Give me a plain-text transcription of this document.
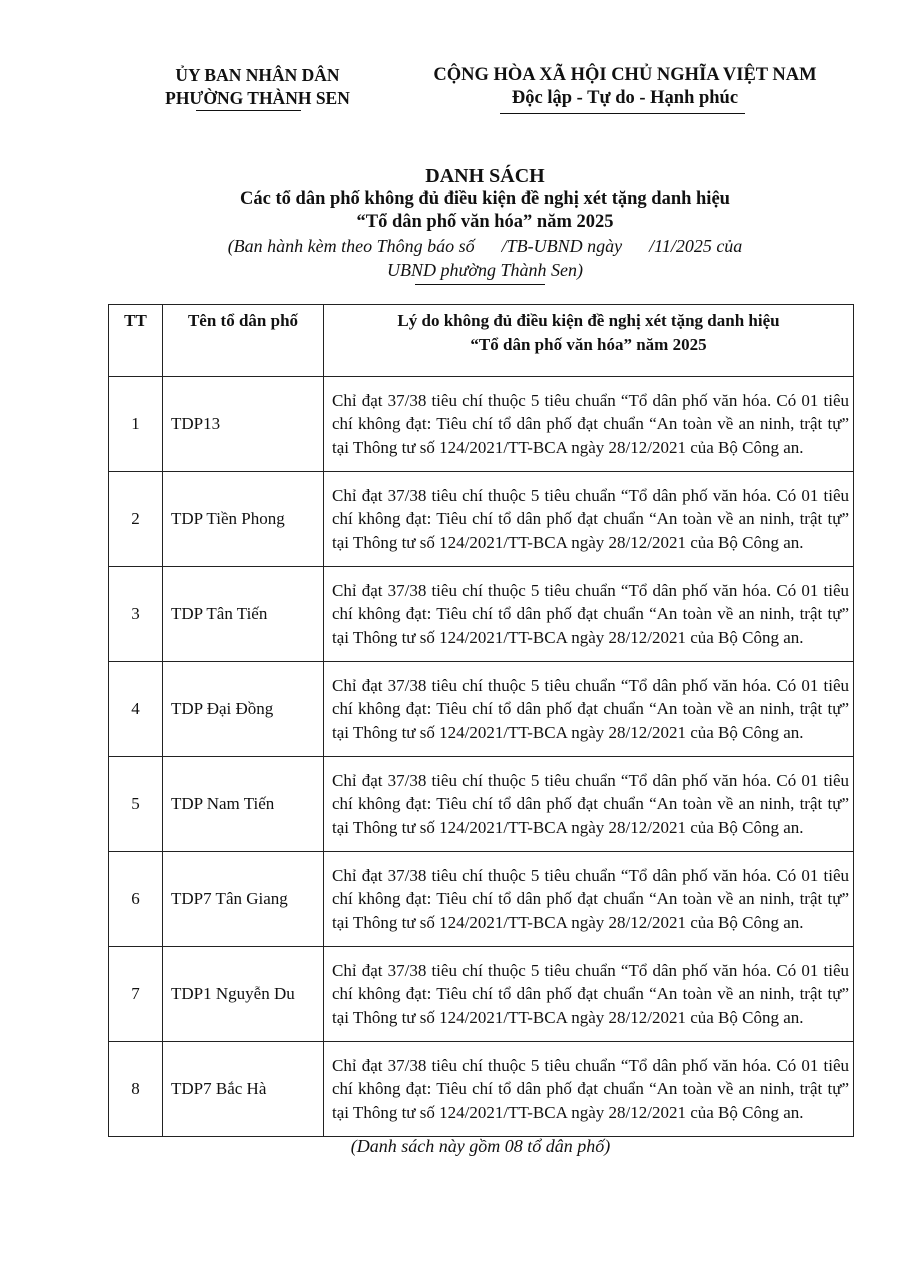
ỦY BAN NHÂN DÂN
PHƯỜNG THÀNH SEN
CỘNG HÒA XÃ HỘI CHỦ NGHĨA VIỆT NAM
Độc lập - Tự do - Hạnh phúc
DANH SÁCH
Các tổ dân phố không đủ điều kiện đề nghị xét tặng danh hiệu
“Tổ dân phố văn hóa” năm 2025
(Ban hành kèm theo Thông báo số      /TB-UBND ngày      /11/2025 của
UBND phường Thành Sen)
TT	Tên tổ dân phố	Lý do không đủ điều kiện đề nghị xét tặng danh hiệu
“Tổ dân phố văn hóa” năm 2025

1	TDP13	Chỉ đạt 37/38 tiêu chí thuộc 5 tiêu chuẩn “Tổ dân phố văn hóa. Có 01 tiêu chí không đạt: Tiêu chí tổ dân phố đạt chuẩn “An toàn về an ninh, trật tự” tại Thông tư số 124/2021/TT-BCA ngày 28/12/2021 của Bộ Công an.
2	TDP Tiền Phong	Chỉ đạt 37/38 tiêu chí thuộc 5 tiêu chuẩn “Tổ dân phố văn hóa. Có 01 tiêu chí không đạt: Tiêu chí tổ dân phố đạt chuẩn “An toàn về an ninh, trật tự” tại Thông tư số 124/2021/TT-BCA ngày 28/12/2021 của Bộ Công an.
3	TDP Tân Tiến	Chỉ đạt 37/38 tiêu chí thuộc 5 tiêu chuẩn “Tổ dân phố văn hóa. Có 01 tiêu chí không đạt: Tiêu chí tổ dân phố đạt chuẩn “An toàn về an ninh, trật tự” tại Thông tư số 124/2021/TT-BCA ngày 28/12/2021 của Bộ Công an.
4	TDP Đại Đồng	Chỉ đạt 37/38 tiêu chí thuộc 5 tiêu chuẩn “Tổ dân phố văn hóa. Có 01 tiêu chí không đạt: Tiêu chí tổ dân phố đạt chuẩn “An toàn về an ninh, trật tự” tại Thông tư số 124/2021/TT-BCA ngày 28/12/2021 của Bộ Công an.
5	TDP Nam Tiến	Chỉ đạt 37/38 tiêu chí thuộc 5 tiêu chuẩn “Tổ dân phố văn hóa. Có 01 tiêu chí không đạt: Tiêu chí tổ dân phố đạt chuẩn “An toàn về an ninh, trật tự” tại Thông tư số 124/2021/TT-BCA ngày 28/12/2021 của Bộ Công an.
6	TDP7 Tân Giang	Chỉ đạt 37/38 tiêu chí thuộc 5 tiêu chuẩn “Tổ dân phố văn hóa. Có 01 tiêu chí không đạt: Tiêu chí tổ dân phố đạt chuẩn “An toàn về an ninh, trật tự” tại Thông tư số 124/2021/TT-BCA ngày 28/12/2021 của Bộ Công an.
7	TDP1 Nguyễn Du	Chỉ đạt 37/38 tiêu chí thuộc 5 tiêu chuẩn “Tổ dân phố văn hóa. Có 01 tiêu chí không đạt: Tiêu chí tổ dân phố đạt chuẩn “An toàn về an ninh, trật tự” tại Thông tư số 124/2021/TT-BCA ngày 28/12/2021 của Bộ Công an.
8	TDP7 Bắc Hà	Chỉ đạt 37/38 tiêu chí thuộc 5 tiêu chuẩn “Tổ dân phố văn hóa. Có 01 tiêu chí không đạt: Tiêu chí tổ dân phố đạt chuẩn “An toàn về an ninh, trật tự” tại Thông tư số 124/2021/TT-BCA ngày 28/12/2021 của Bộ Công an.
(Danh sách này gồm 08 tổ dân phố)
